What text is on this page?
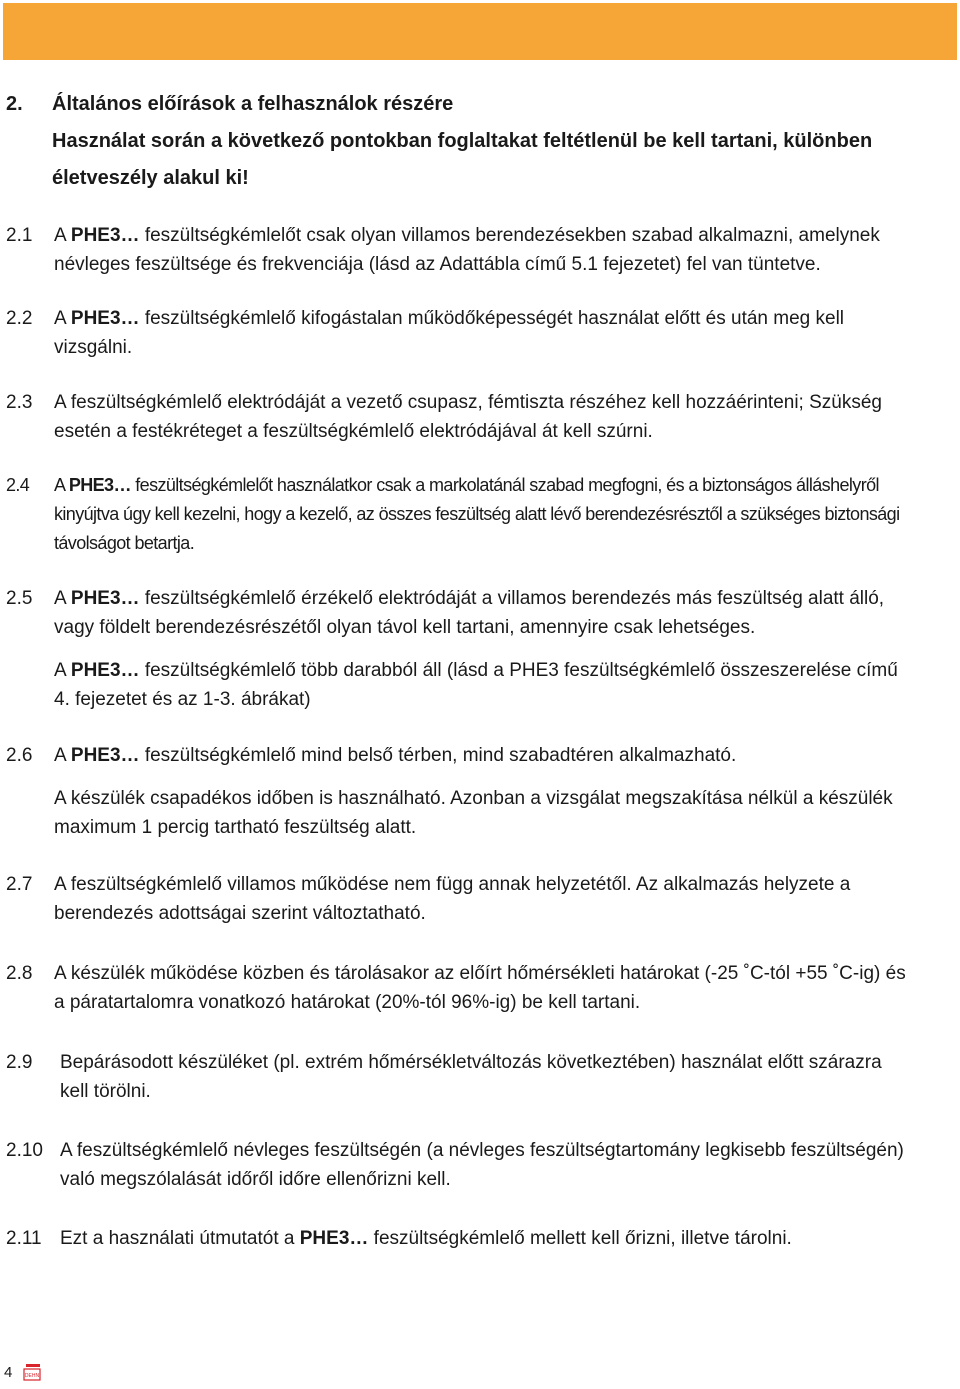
2. Általános előírások a felhasználok részére
Használat során a következő pontokban foglaltakat feltétlenül be kell tartani, különben életveszély alakul ki!
2.1	A PHE3… feszültségkémlelőt csak olyan villamos berendezésekben szabad alkalmazni, amelynek névleges feszültsége és frekvenciája (lásd az Adattábla című 5.1 fejezetet) fel van tüntetve.
2.2	A PHE3… feszültségkémlelő kifogástalan működőképességét használat előtt és után meg kell vizsgálni.
2.3	A feszültségkémlelő elektródáját a vezető csupasz, fémtiszta részéhez kell hozzáérinteni; Szükség esetén a festékréteget a feszültségkémlelő elektródájával át kell szúrni.
2.4	A PHE3… feszültségkémlelőt használatkor csak a markolatánál szabad megfogni, és a biztonságos álláshelyről kinyújtva úgy kell kezelni, hogy a kezelő, az összes feszültség alatt lévő berendezésrésztől a szükséges biztonsági távolságot betartja.
2.5	A PHE3… feszültségkémlelő érzékelő elektródáját a villamos berendezés más feszültség alatt álló, vagy földelt berendezésrészétől olyan távol kell tartani, amennyire csak lehetséges.

A PHE3… feszültségkémlelő több darabból áll (lásd a PHE3 feszültségkémlelő összeszerelése című 4. fejezetet és az 1-3. ábrákat)

2.6	A PHE3… feszültségkémlelő mind belső térben, mind szabadtéren alkalmazható.

A készülék csapadékos időben is használható. Azonban a vizsgálat megszakítása nélkül a készülék maximum 1 percig tartható feszültség alatt.

2.7	A feszültségkémlelő villamos működése nem függ annak helyzetétől. Az alkalmazás helyzete a berendezés adottságai szerint változtatható.
2.8	A készülék működése közben és tárolásakor az előírt hőmérsékleti határokat (-25 ˚C-tól +55 ˚C-ig) és a páratartalomra vonatkozó határokat (20%-tól 96%-ig) be kell tartani.
2.9	Bepárásodott készüléket (pl. extrém hőmérsékletváltozás következtében) használat előtt szárazra kell törölni.
2.10 A feszültségkémlelő névleges feszültségén (a névleges feszültségtartomány legkisebb feszültségén) való megszólalását időről időre ellenőrizni kell.
2.11 Ezt a használati útmutatót a PHE3… feszültségkémlelő mellett kell őrizni, illetve tárolni.
4	DEHN
